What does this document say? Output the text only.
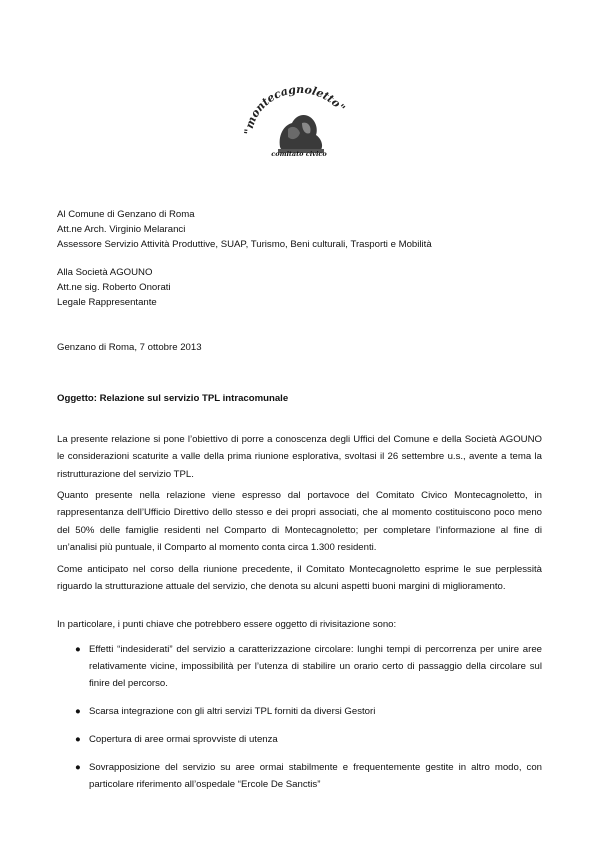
"montecagnoletto"
comitato civico
Al Comune di Genzano di Roma
Att.ne Arch. Virginio Melaranci
Assessore Servizio Attività Produttive, SUAP, Turismo, Beni culturali, Trasporti e Mobilità
Alla Società AGOUNO
Att.ne sig. Roberto Onorati
Legale Rappresentante
Genzano di Roma, 7 ottobre 2013
Oggetto: Relazione sul servizio TPL intracomunale
La presente relazione si pone l’obiettivo di porre a conoscenza degli Uffici del Comune e della Società AGOUNO le considerazioni scaturite a valle della prima riunione esplorativa, svoltasi il 26 settembre u.s., avente a tema la ristrutturazione del servizio TPL.
Quanto presente nella relazione viene espresso dal portavoce del Comitato Civico Montecagnoletto, in rappresentanza dell’Ufficio Direttivo dello stesso e dei propri associati, che al momento costituiscono poco meno del 50% delle famiglie residenti nel Comparto di Montecagnoletto; per completare l’informazione al fine di un’analisi più puntuale, il Comparto al momento conta circa 1.300 residenti.
Come anticipato nel corso della riunione precedente, il Comitato Montecagnoletto esprime le sue perplessità riguardo la strutturazione attuale del servizio, che denota su alcuni aspetti buoni margini di miglioramento.
In particolare, i punti chiave che potrebbero essere oggetto di rivisitazione sono:
● Effetti “indesiderati” del servizio a caratterizzazione circolare: lunghi tempi di percorrenza per unire aree relativamente vicine, impossibilità per l’utenza di stabilire un orario certo di passaggio della circolare sul finire del percorso.
● Scarsa integrazione con gli altri servizi TPL forniti da diversi Gestori
● Copertura di aree ormai sprovviste di utenza
● Sovrapposizione del servizio su aree ormai stabilmente e frequentemente gestite in altro modo, con particolare riferimento all’ospedale “Ercole De Sanctis”
